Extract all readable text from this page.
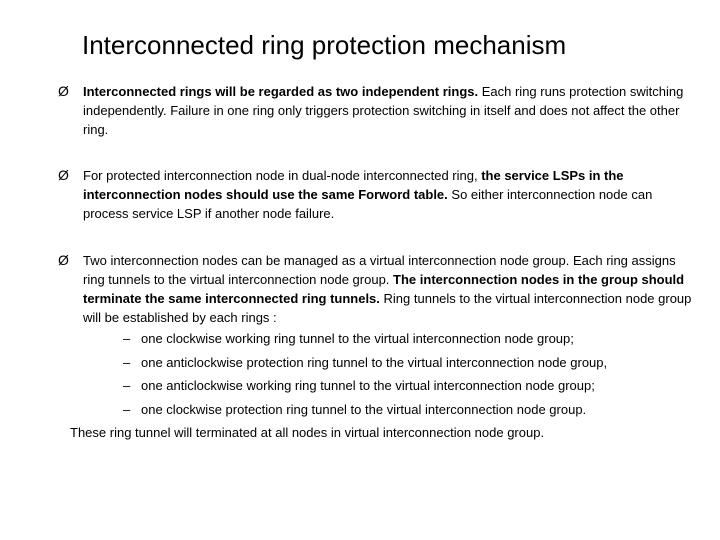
Interconnected ring protection mechanism
Ø Interconnected rings will be regarded as two independent rings. Each ring runs protection switching independently. Failure in one ring only triggers protection switching in itself and does not affect the other ring.
Ø For protected interconnection node in dual-node interconnected ring, the service LSPs in the interconnection nodes should use the same Forword table. So either interconnection node can process service LSP if another node failure.
Ø Two interconnection nodes can be managed as a virtual interconnection node group. Each ring assigns ring tunnels to the virtual interconnection node group. The interconnection nodes in the group should terminate the same interconnected ring tunnels. Ring tunnels to the virtual interconnection node group will be established by each rings :
– one clockwise working ring tunnel to the virtual interconnection node group;
– one anticlockwise protection ring tunnel to the virtual interconnection node group,
– one anticlockwise working ring tunnel to the virtual interconnection node group;
– one clockwise protection ring tunnel to the virtual interconnection node group.
These ring tunnel will terminated at all nodes in virtual interconnection node group.
